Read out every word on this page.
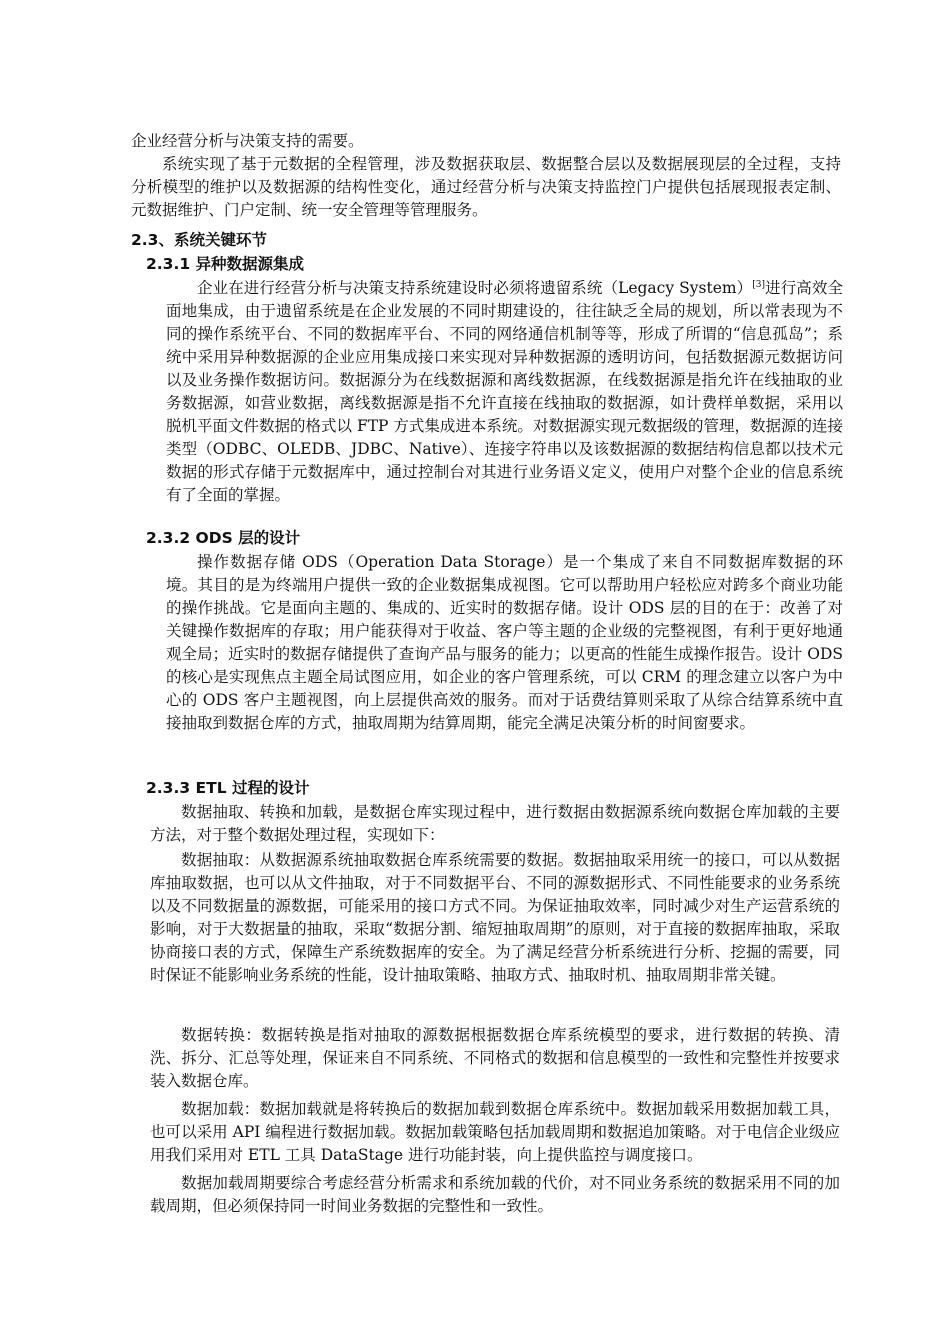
企业经营分析与决策支持的需要。

系统实现了基于元数据的全程管理，涉及数据获取层、数据整合层以及数据展现层的全过程，支持分析模型的维护以及数据源的结构性变化，通过经营分析与决策支持监控门户提供包括展现报表定制、元数据维护、门户定制、统一安全管理等管理服务。

2.3、系统关键环节
2.3.1 异种数据源集成

企业在进行经营分析与决策支持系统建设时必须将遗留系统（Legacy System）[3]进行高效全面地集成，由于遗留系统是在企业发展的不同时期建设的，往往缺乏全局的规划，所以常表现为不同的操作系统平台、不同的数据库平台、不同的网络通信机制等等，形成了所谓的“信息孤岛”；系统中采用异种数据源的企业应用集成接口来实现对异种数据源的透明访问，包括数据源元数据访问以及业务操作数据访问。数据源分为在线数据源和离线数据源，在线数据源是指允许在线抽取的业务数据源，如营业数据，离线数据源是指不允许直接在线抽取的数据源，如计费样单数据，采用以脱机平面文件数据的格式以 FTP 方式集成进本系统。对数据源实现元数据级的管理，数据源的连接类型（ODBC、OLEDB、JDBC、Native）、连接字符串以及该数据源的数据结构信息都以技术元数据的形式存储于元数据库中，通过控制台对其进行业务语义定义，使用户对整个企业的信息系统有了全面的掌握。

2.3.2 ODS 层的设计

操作数据存储 ODS（Operation Data Storage）是一个集成了来自不同数据库数据的环境。其目的是为终端用户提供一致的企业数据集成视图。它可以帮助用户轻松应对跨多个商业功能的操作挑战。它是面向主题的、集成的、近实时的数据存储。设计 ODS 层的目的在于：改善了对关键操作数据库的存取；用户能获得对于收益、客户等主题的企业级的完整视图，有利于更好地通观全局；近实时的数据存储提供了查询产品与服务的能力；以更高的性能生成操作报告。设计 ODS 的核心是实现焦点主题全局试图应用，如企业的客户管理系统，可以 CRM 的理念建立以客户为中心的 ODS 客户主题视图，向上层提供高效的服务。而对于话费结算则采取了从综合结算系统中直接抽取到数据仓库的方式，抽取周期为结算周期，能完全满足决策分析的时间窗要求。

2.3.3 ETL 过程的设计

数据抽取、转换和加载，是数据仓库实现过程中，进行数据由数据源系统向数据仓库加载的主要方法，对于整个数据处理过程，实现如下：

数据抽取：从数据源系统抽取数据仓库系统需要的数据。数据抽取采用统一的接口，可以从数据库抽取数据，也可以从文件抽取，对于不同数据平台、不同的源数据形式、不同性能要求的业务系统以及不同数据量的源数据，可能采用的接口方式不同。为保证抽取效率，同时减少对生产运营系统的影响，对于大数据量的抽取，采取“数据分割、缩短抽取周期”的原则，对于直接的数据库抽取，采取协商接口表的方式，保障生产系统数据库的安全。为了满足经营分析系统进行分析、挖掘的需要，同时保证不能影响业务系统的性能，设计抽取策略、抽取方式、抽取时机、抽取周期非常关键。

数据转换：数据转换是指对抽取的源数据根据数据仓库系统模型的要求，进行数据的转换、清洗、拆分、汇总等处理，保证来自不同系统、不同格式的数据和信息模型的一致性和完整性并按要求装入数据仓库。

数据加载：数据加载就是将转换后的数据加载到数据仓库系统中。数据加载采用数据加载工具，也可以采用 API 编程进行数据加载。数据加载策略包括加载周期和数据追加策略。对于电信企业级应用我们采用对 ETL 工具 DataStage 进行功能封装，向上提供监控与调度接口。

数据加载周期要综合考虑经营分析需求和系统加载的代价，对不同业务系统的数据采用不同的加载周期，但必须保持同一时间业务数据的完整性和一致性。
